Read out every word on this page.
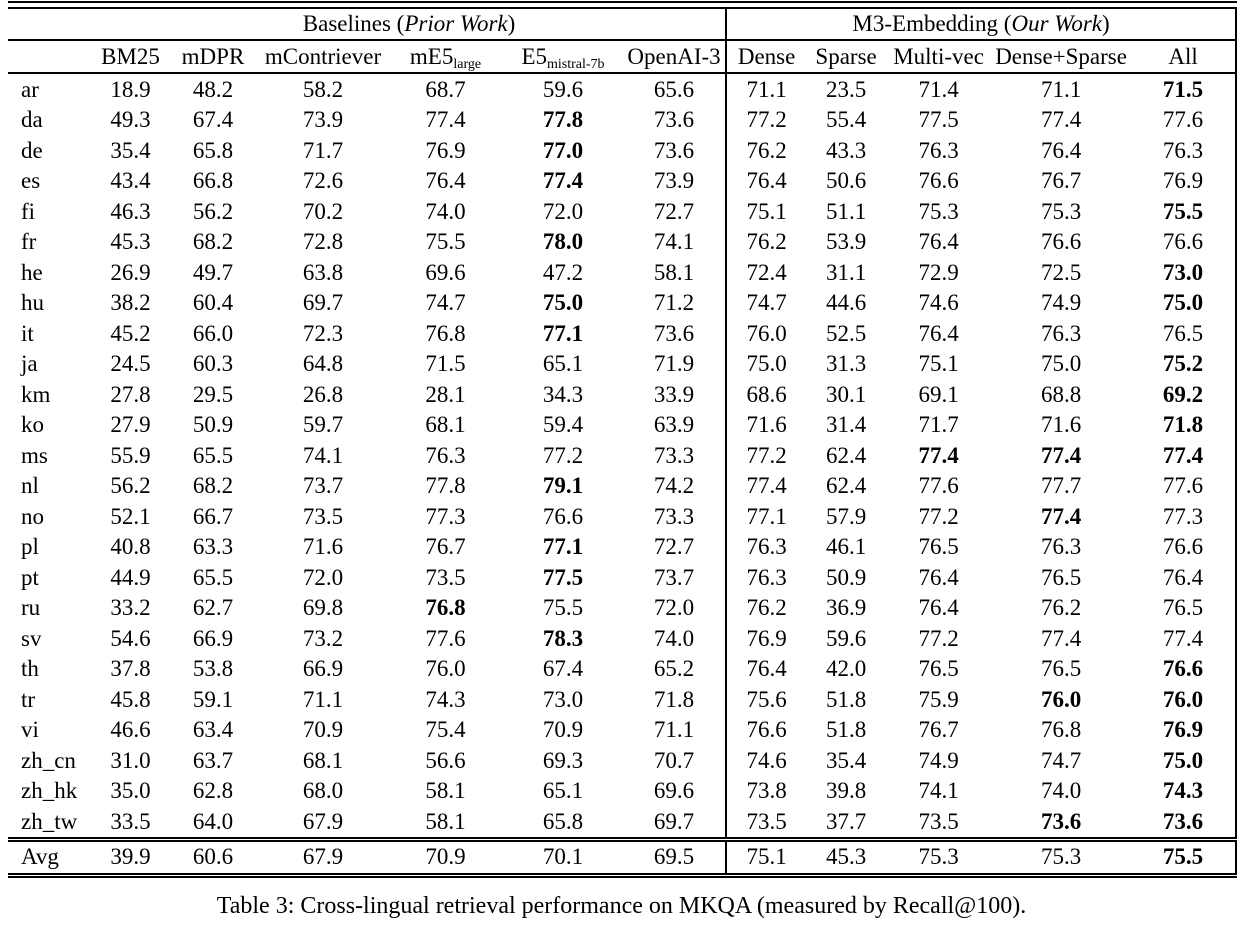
	Baselines (Prior Work)						M3-Embedding (Our Work)				
	BM25	mDPR	mContriever	$mE5_{large}$	$E5_{mistral-7b}$	OpenAI-3	Dense	Sparse	Multi-vec	Dense+Sparse	All
ar	18.9	48.2	58.2	68.7	59.6	65.6	71.1	23.5	71.4	71.1	71.5
da	49.3	67.4	73.9	77.4	77.8	73.6	77.2	55.4	77.5	77.4	77.6
de	35.4	65.8	71.7	76.9	77.0	73.6	76.2	43.3	76.3	76.4	76.3
es	43.4	66.8	72.6	76.4	77.4	73.9	76.4	50.6	76.6	76.7	76.9
fi	46.3	56.2	70.2	74.0	72.0	72.7	75.1	51.1	75.3	75.3	75.5
fr	45.3	68.2	72.8	75.5	78.0	74.1	76.2	53.9	76.4	76.6	76.6
he	26.9	49.7	63.8	69.6	47.2	58.1	72.4	31.1	72.9	72.5	73.0
hu	38.2	60.4	69.7	74.7	75.0	71.2	74.7	44.6	74.6	74.9	75.0
it	45.2	66.0	72.3	76.8	77.1	73.6	76.0	52.5	76.4	76.3	76.5
ja	24.5	60.3	64.8	71.5	65.1	71.9	75.0	31.3	75.1	75.0	75.2
km	27.8	29.5	26.8	28.1	34.3	33.9	68.6	30.1	69.1	68.8	69.2
ko	27.9	50.9	59.7	68.1	59.4	63.9	71.6	31.4	71.7	71.6	71.8
ms	55.9	65.5	74.1	76.3	77.2	73.3	77.2	62.4	77.4	77.4	77.4
nl	56.2	68.2	73.7	77.8	79.1	74.2	77.4	62.4	77.6	77.7	77.6
no	52.1	66.7	73.5	77.3	76.6	73.3	77.1	57.9	77.2	77.4	77.3
pl	40.8	63.3	71.6	76.7	77.1	72.7	76.3	46.1	76.5	76.3	76.6
pt	44.9	65.5	72.0	73.5	77.5	73.7	76.3	50.9	76.4	76.5	76.4
ru	33.2	62.7	69.8	76.8	75.5	72.0	76.2	36.9	76.4	76.2	76.5
sv	54.6	66.9	73.2	77.6	78.3	74.0	76.9	59.6	77.2	77.4	77.4
th	37.8	53.8	66.9	76.0	67.4	65.2	76.4	42.0	76.5	76.5	76.6
tr	45.8	59.1	71.1	74.3	73.0	71.8	75.6	51.8	75.9	76.0	76.0
vi	46.6	63.4	70.9	75.4	70.9	71.1	76.6	51.8	76.7	76.8	76.9
zh_cn	31.0	63.7	68.1	56.6	69.3	70.7	74.6	35.4	74.9	74.7	75.0
zh_hk	35.0	62.8	68.0	58.1	65.1	69.6	73.8	39.8	74.1	74.0	74.3
zh_tw	33.5	64.0	67.9	58.1	65.8	69.7	73.5	37.7	73.5	73.6	73.6
Avg	39.9	60.6	67.9	70.9	70.1	69.5	75.1	45.3	75.3	75.3	75.5
Table 3: Cross-lingual retrieval performance on MKQA (measured by Recall@100).
